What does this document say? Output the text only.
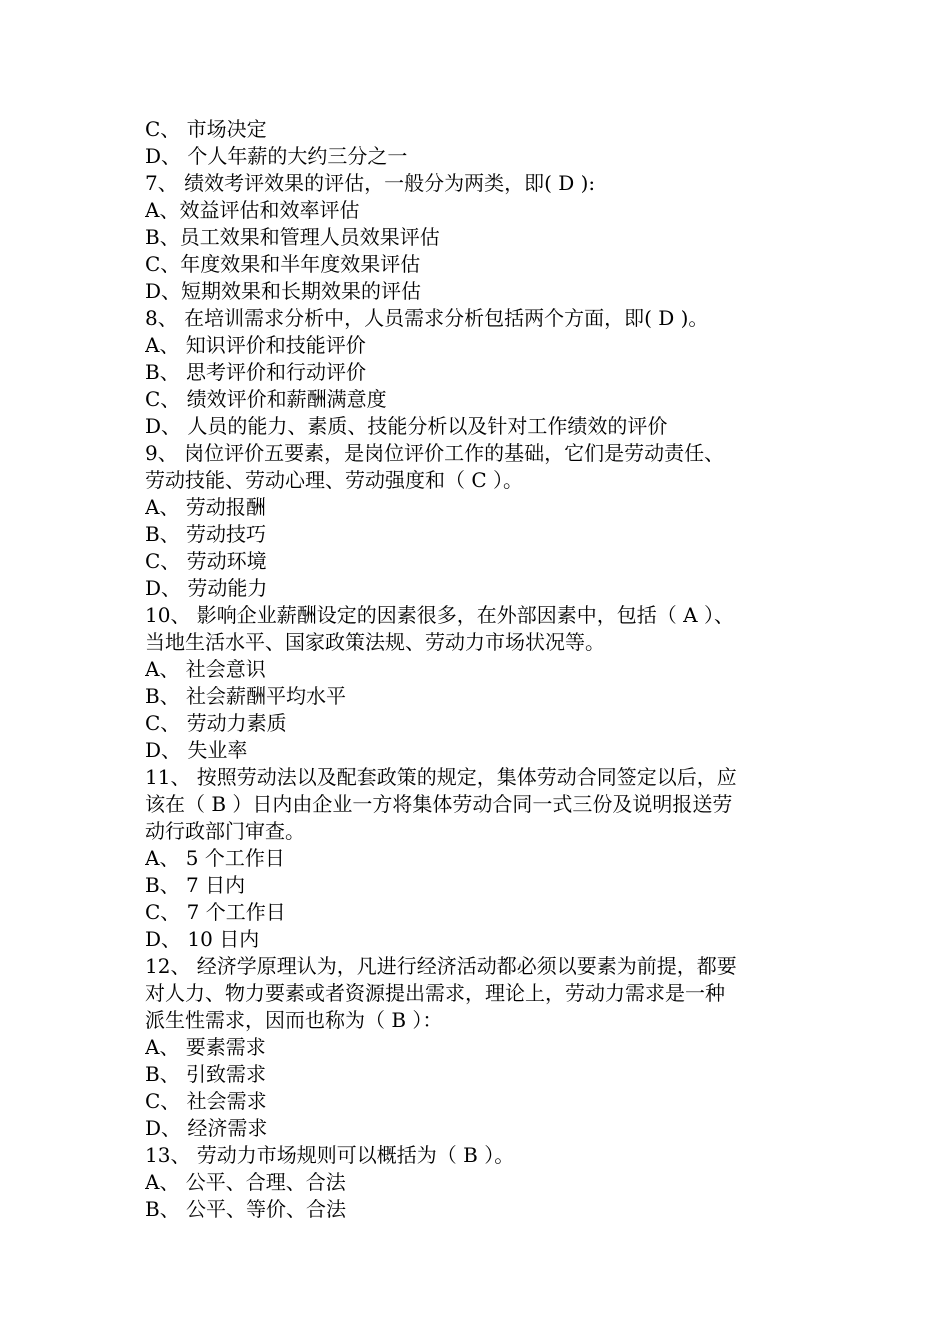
C、 市场决定
D、 个人年薪的大约三分之一
7、 绩效考评效果的评估，一般分为两类，即( D ):
A、效益评估和效率评估
B、员工效果和管理人员效果评估
C、年度效果和半年度效果评估
D、短期效果和长期效果的评估
8、 在培训需求分析中，人员需求分析包括两个方面，即( D )。
A、 知识评价和技能评价
B、 思考评价和行动评价
C、 绩效评价和薪酬满意度
D、 人员的能力、素质、技能分析以及针对工作绩效的评价
9、 岗位评价五要素，是岗位评价工作的基础，它们是劳动责任、
劳动技能、劳动心理、劳动强度和（ C ）。
A、 劳动报酬
B、 劳动技巧
C、 劳动环境
D、 劳动能力
10、 影响企业薪酬设定的因素很多，在外部因素中，包括（ A ）、
当地生活水平、国家政策法规、劳动力市场状况等。
A、 社会意识
B、 社会薪酬平均水平
C、 劳动力素质
D、 失业率
11、 按照劳动法以及配套政策的规定，集体劳动合同签定以后，应
该在（ B ）日内由企业一方将集体劳动合同一式三份及说明报送劳
动行政部门审查。
A、 5 个工作日
B、 7 日内
C、 7 个工作日
D、 10 日内
12、 经济学原理认为，凡进行经济活动都必须以要素为前提，都要
对人力、物力要素或者资源提出需求，理论上，劳动力需求是一种
派生性需求，因而也称为（ B ）：
A、 要素需求
B、 引致需求
C、 社会需求
D、 经济需求
13、 劳动力市场规则可以概括为（ B ）。
A、 公平、合理、合法
B、 公平、等价、合法
